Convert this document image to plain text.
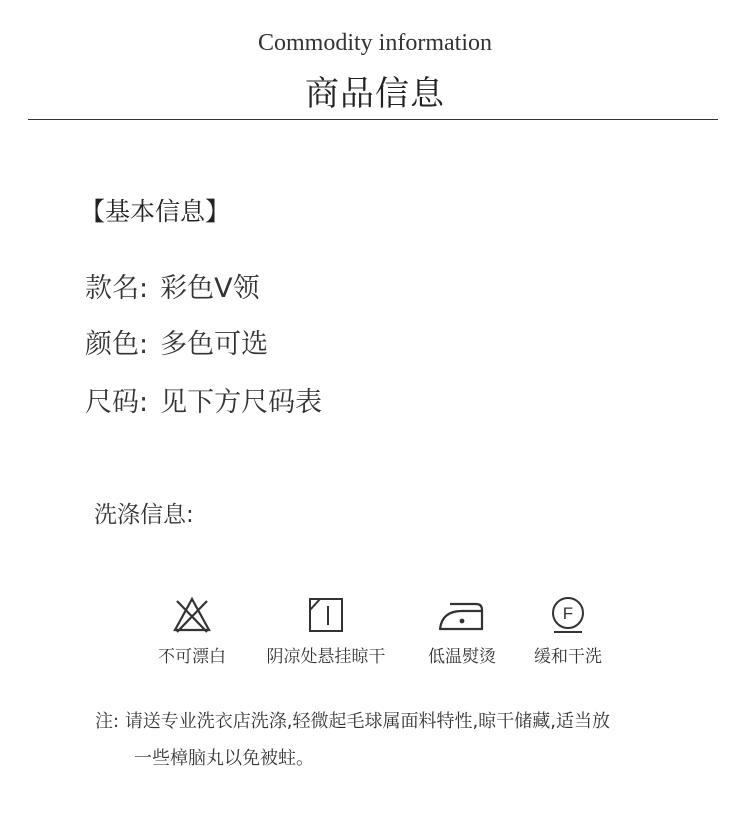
Commodity information
商品信息
【基本信息】
款名: 彩色V领
颜色: 多色可选
尺码: 见下方尺码表
洗涤信息:
不可漂白	阴凉处悬挂晾干	低温熨烫
F
缓和干洗
注: 请送专业洗衣店洗涤,轻微起毛球属面料特性,晾干储藏,适当放
一些樟脑丸以免被蛀。
